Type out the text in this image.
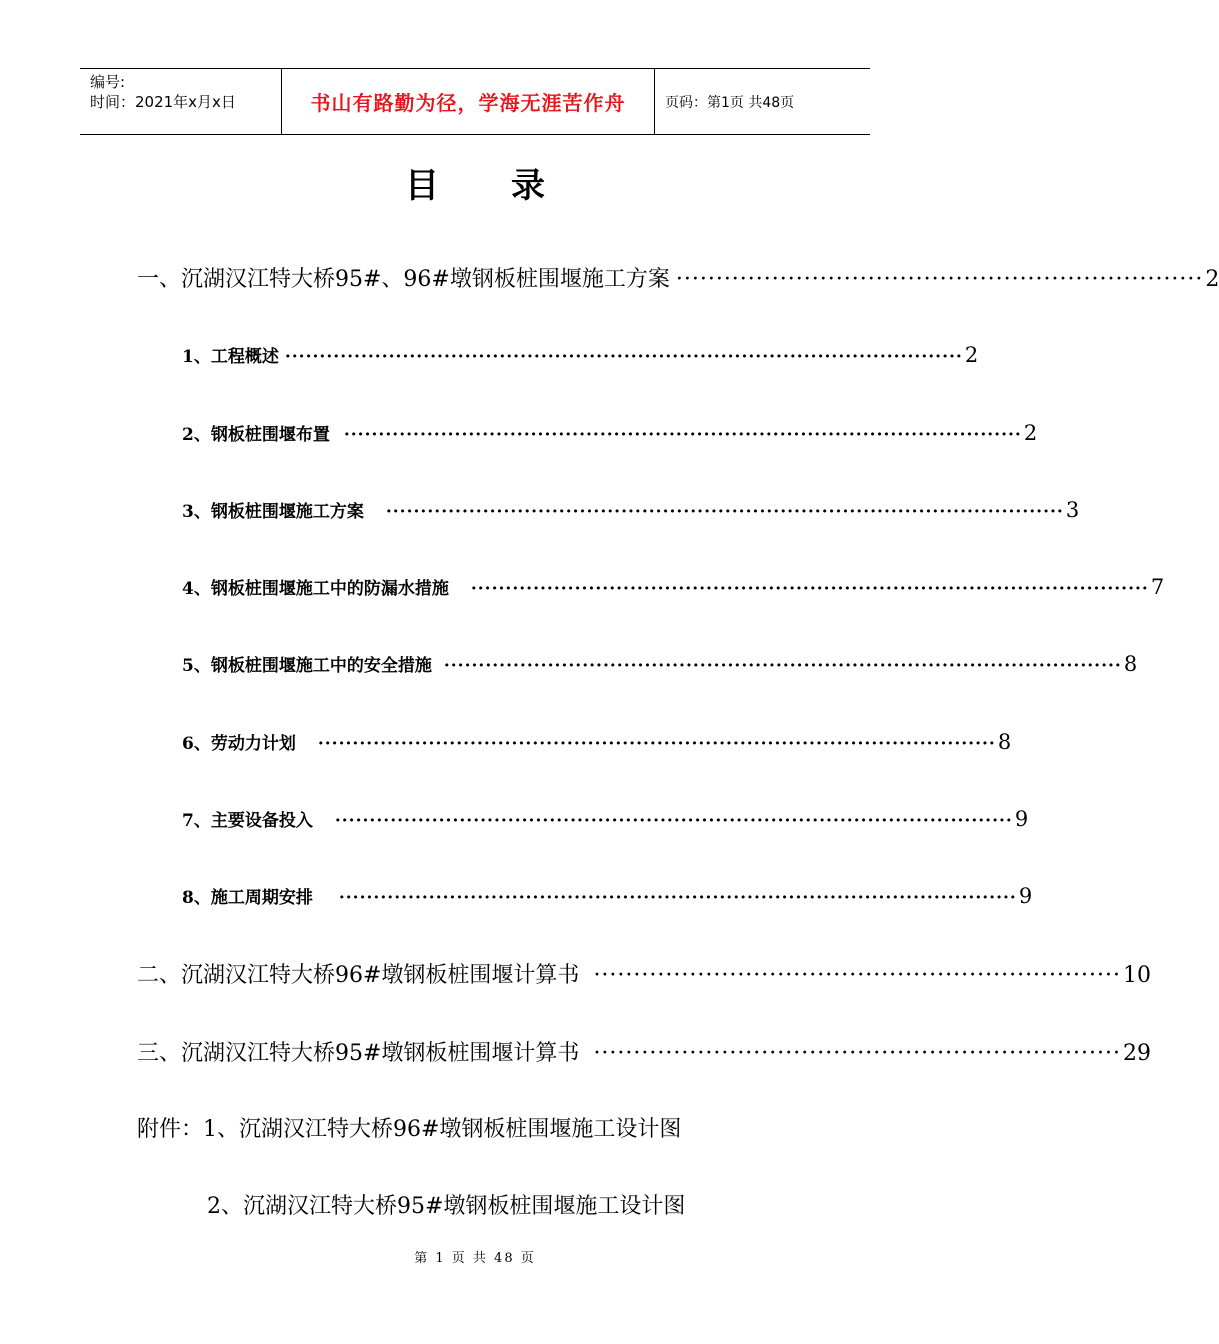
编号:
时间：2021年x月x日	书山有路勤为径，学海无涯苦作舟	页码：第1页 共48页
目录
一、沉湖汉江特大桥95#、96#墩钢板桩围堰施工方案 ·································································· 2
1、工程概述 ·································································································· 2
2、钢板桩围堰布置 ·································································································· 2
3、钢板桩围堰施工方案 ·································································································· 3
4、钢板桩围堰施工中的防漏水措施 ·································································································· 7
5、钢板桩围堰施工中的安全措施 ·································································································· 8
6、劳动力计划 ·································································································· 8
7、主要设备投入 ·································································································· 9
8、施工周期安排 ·································································································· 9
二、沉湖汉江特大桥96#墩钢板桩围堰计算书 ·································································· 10
三、沉湖汉江特大桥95#墩钢板桩围堰计算书 ·································································· 29
附件：1、沉湖汉江特大桥96#墩钢板桩围堰施工设计图
2、沉湖汉江特大桥95#墩钢板桩围堰施工设计图
第 1 页 共 48 页
